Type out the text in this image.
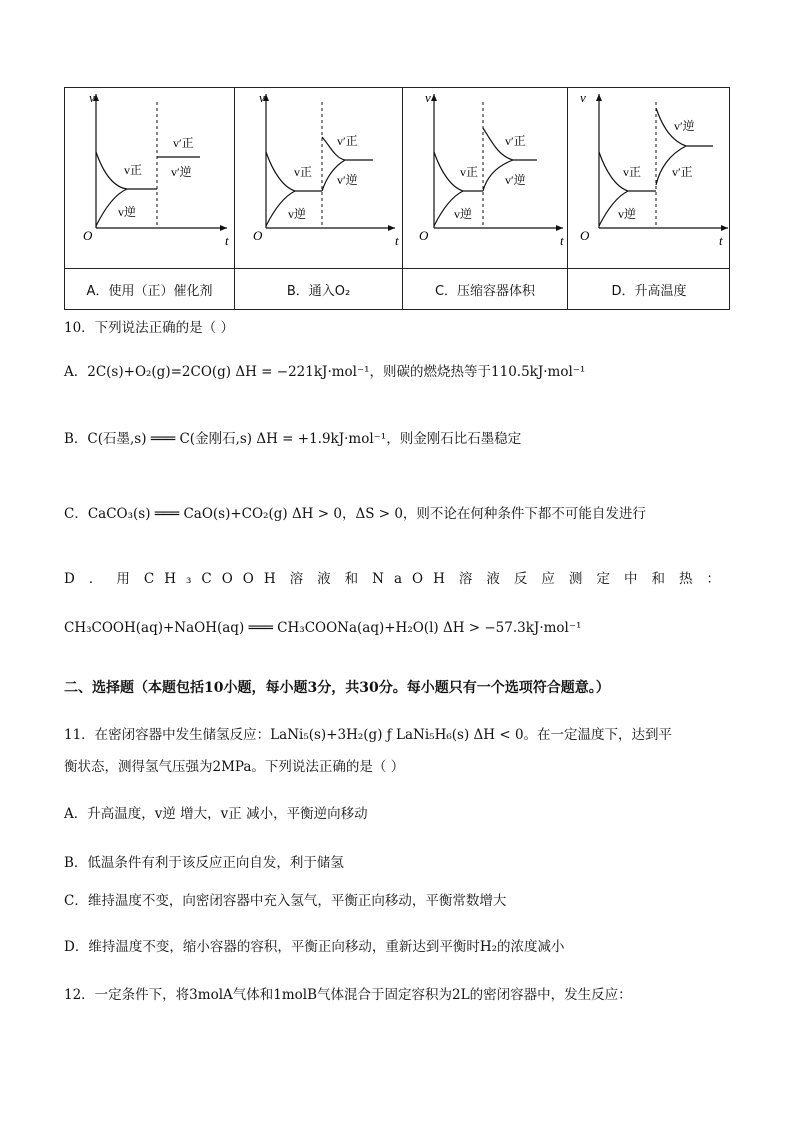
v
O
v正
v逆
v′正
v′逆
v
O
v正
v逆
v′正
v′逆
v
O
v正
v逆
v′正
v′逆
v
O
v正
v逆
v′逆
v′正
t	t	t	t
A．使用（正）催化剂	B．通入O₂	C．压缩容器体积	D．升高温度
10．下列说法正确的是（ ）
A．2C(s)+O₂(g)=2CO(g) ΔH = −221kJ·mol⁻¹，则碳的燃烧热等于110.5kJ·mol⁻¹
B．C(石墨,s) ═══ C(金刚石,s) ΔH = +1.9kJ·mol⁻¹，则金刚石比石墨稳定
C．CaCO₃(s) ═══ CaO(s)+CO₂(g) ΔH > 0，ΔS > 0，则不论在何种条件下都不可能自发进行
D．用CH₃COOH溶液和NaOH溶液反应测定中和热：
CH₃COOH(aq)+NaOH(aq) ═══ CH₃COONa(aq)+H₂O(l) ΔH > −57.3kJ·mol⁻¹
二、选择题（本题包括10小题，每小题3分，共30分。每小题只有一个选项符合题意。）
11．在密闭容器中发生储氢反应：LaNi₅(s)+3H₂(g) ƒ LaNi₅H₆(s) ΔH < 0。在一定温度下，达到平
衡状态，测得氢气压强为2MPa。下列说法正确的是（ ）
A．升高温度，v逆 增大，v正 减小，平衡逆向移动
B．低温条件有利于该反应正向自发，利于储氢
C．维持温度不变，向密闭容器中充入氢气，平衡正向移动，平衡常数增大
D．维持温度不变，缩小容器的容积，平衡正向移动，重新达到平衡时H₂的浓度减小
12．一定条件下，将3molA气体和1molB气体混合于固定容积为2L的密闭容器中，发生反应：
